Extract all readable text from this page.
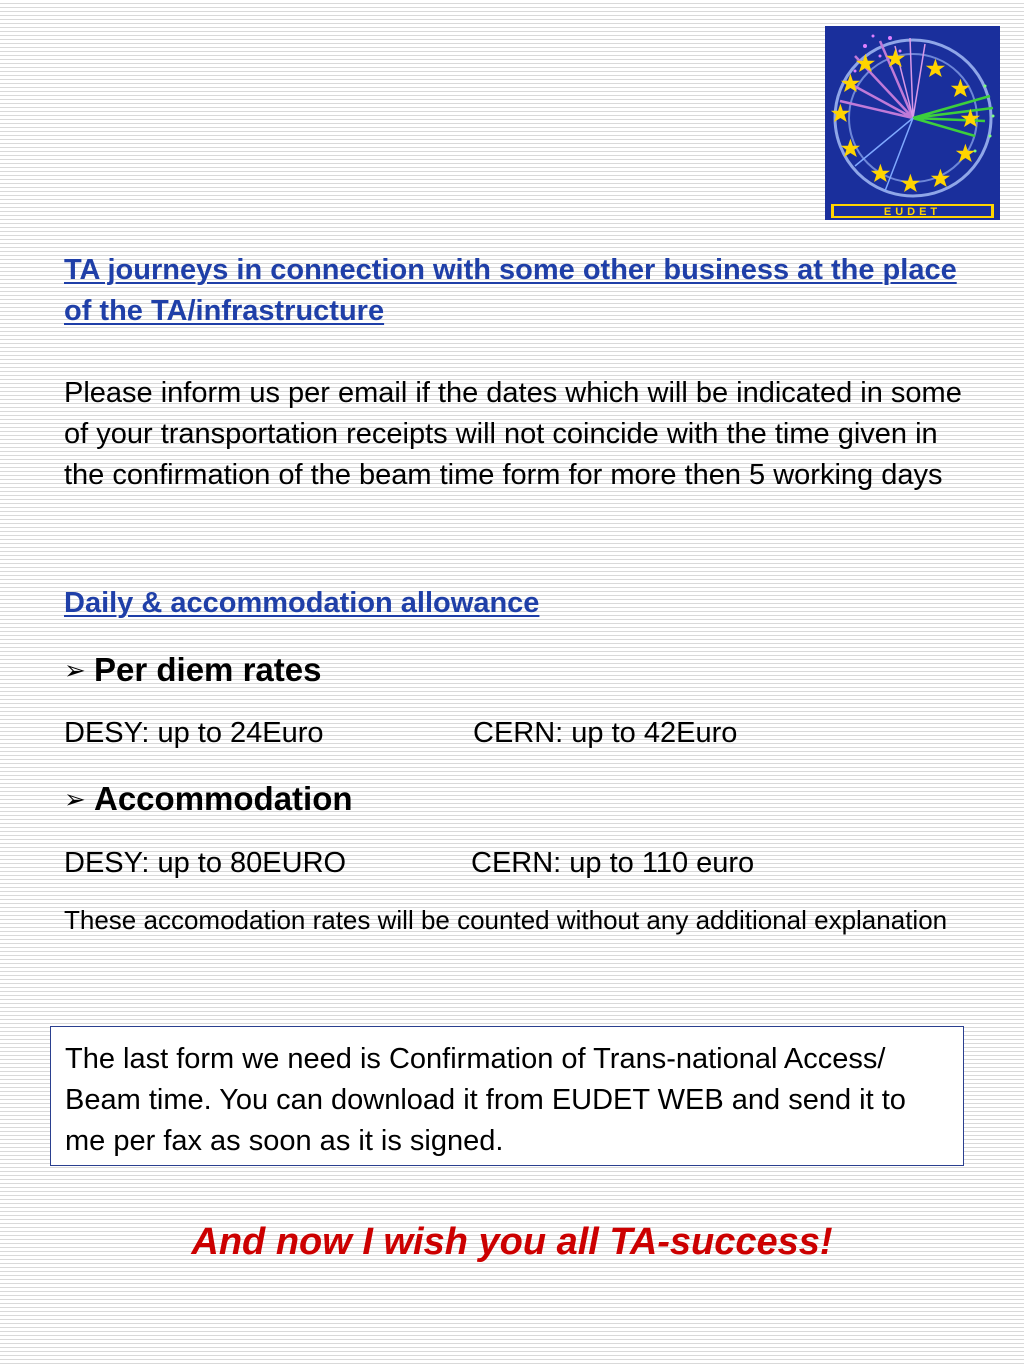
EUDET
TA journeys in connection with some other business at the place of the TA/infrastructure
Please inform us per email if the dates which will be indicated in some of your transportation receipts will not coincide with the time given in the confirmation of the beam time form for more then 5 working days
Daily & accommodation allowance
➢ Per diem rates
DESY: up to 24Euro	CERN: up to 42Euro
➢ Accommodation
DESY: up to 80EURO	CERN: up to 110 euro
These accomodation rates will be counted without any additional explanation
The last form we need is Confirmation of Trans-national Access/ Beam time. You can download it from EUDET WEB and send it to me per fax as soon as it is signed.
And now I wish you all TA-success!
